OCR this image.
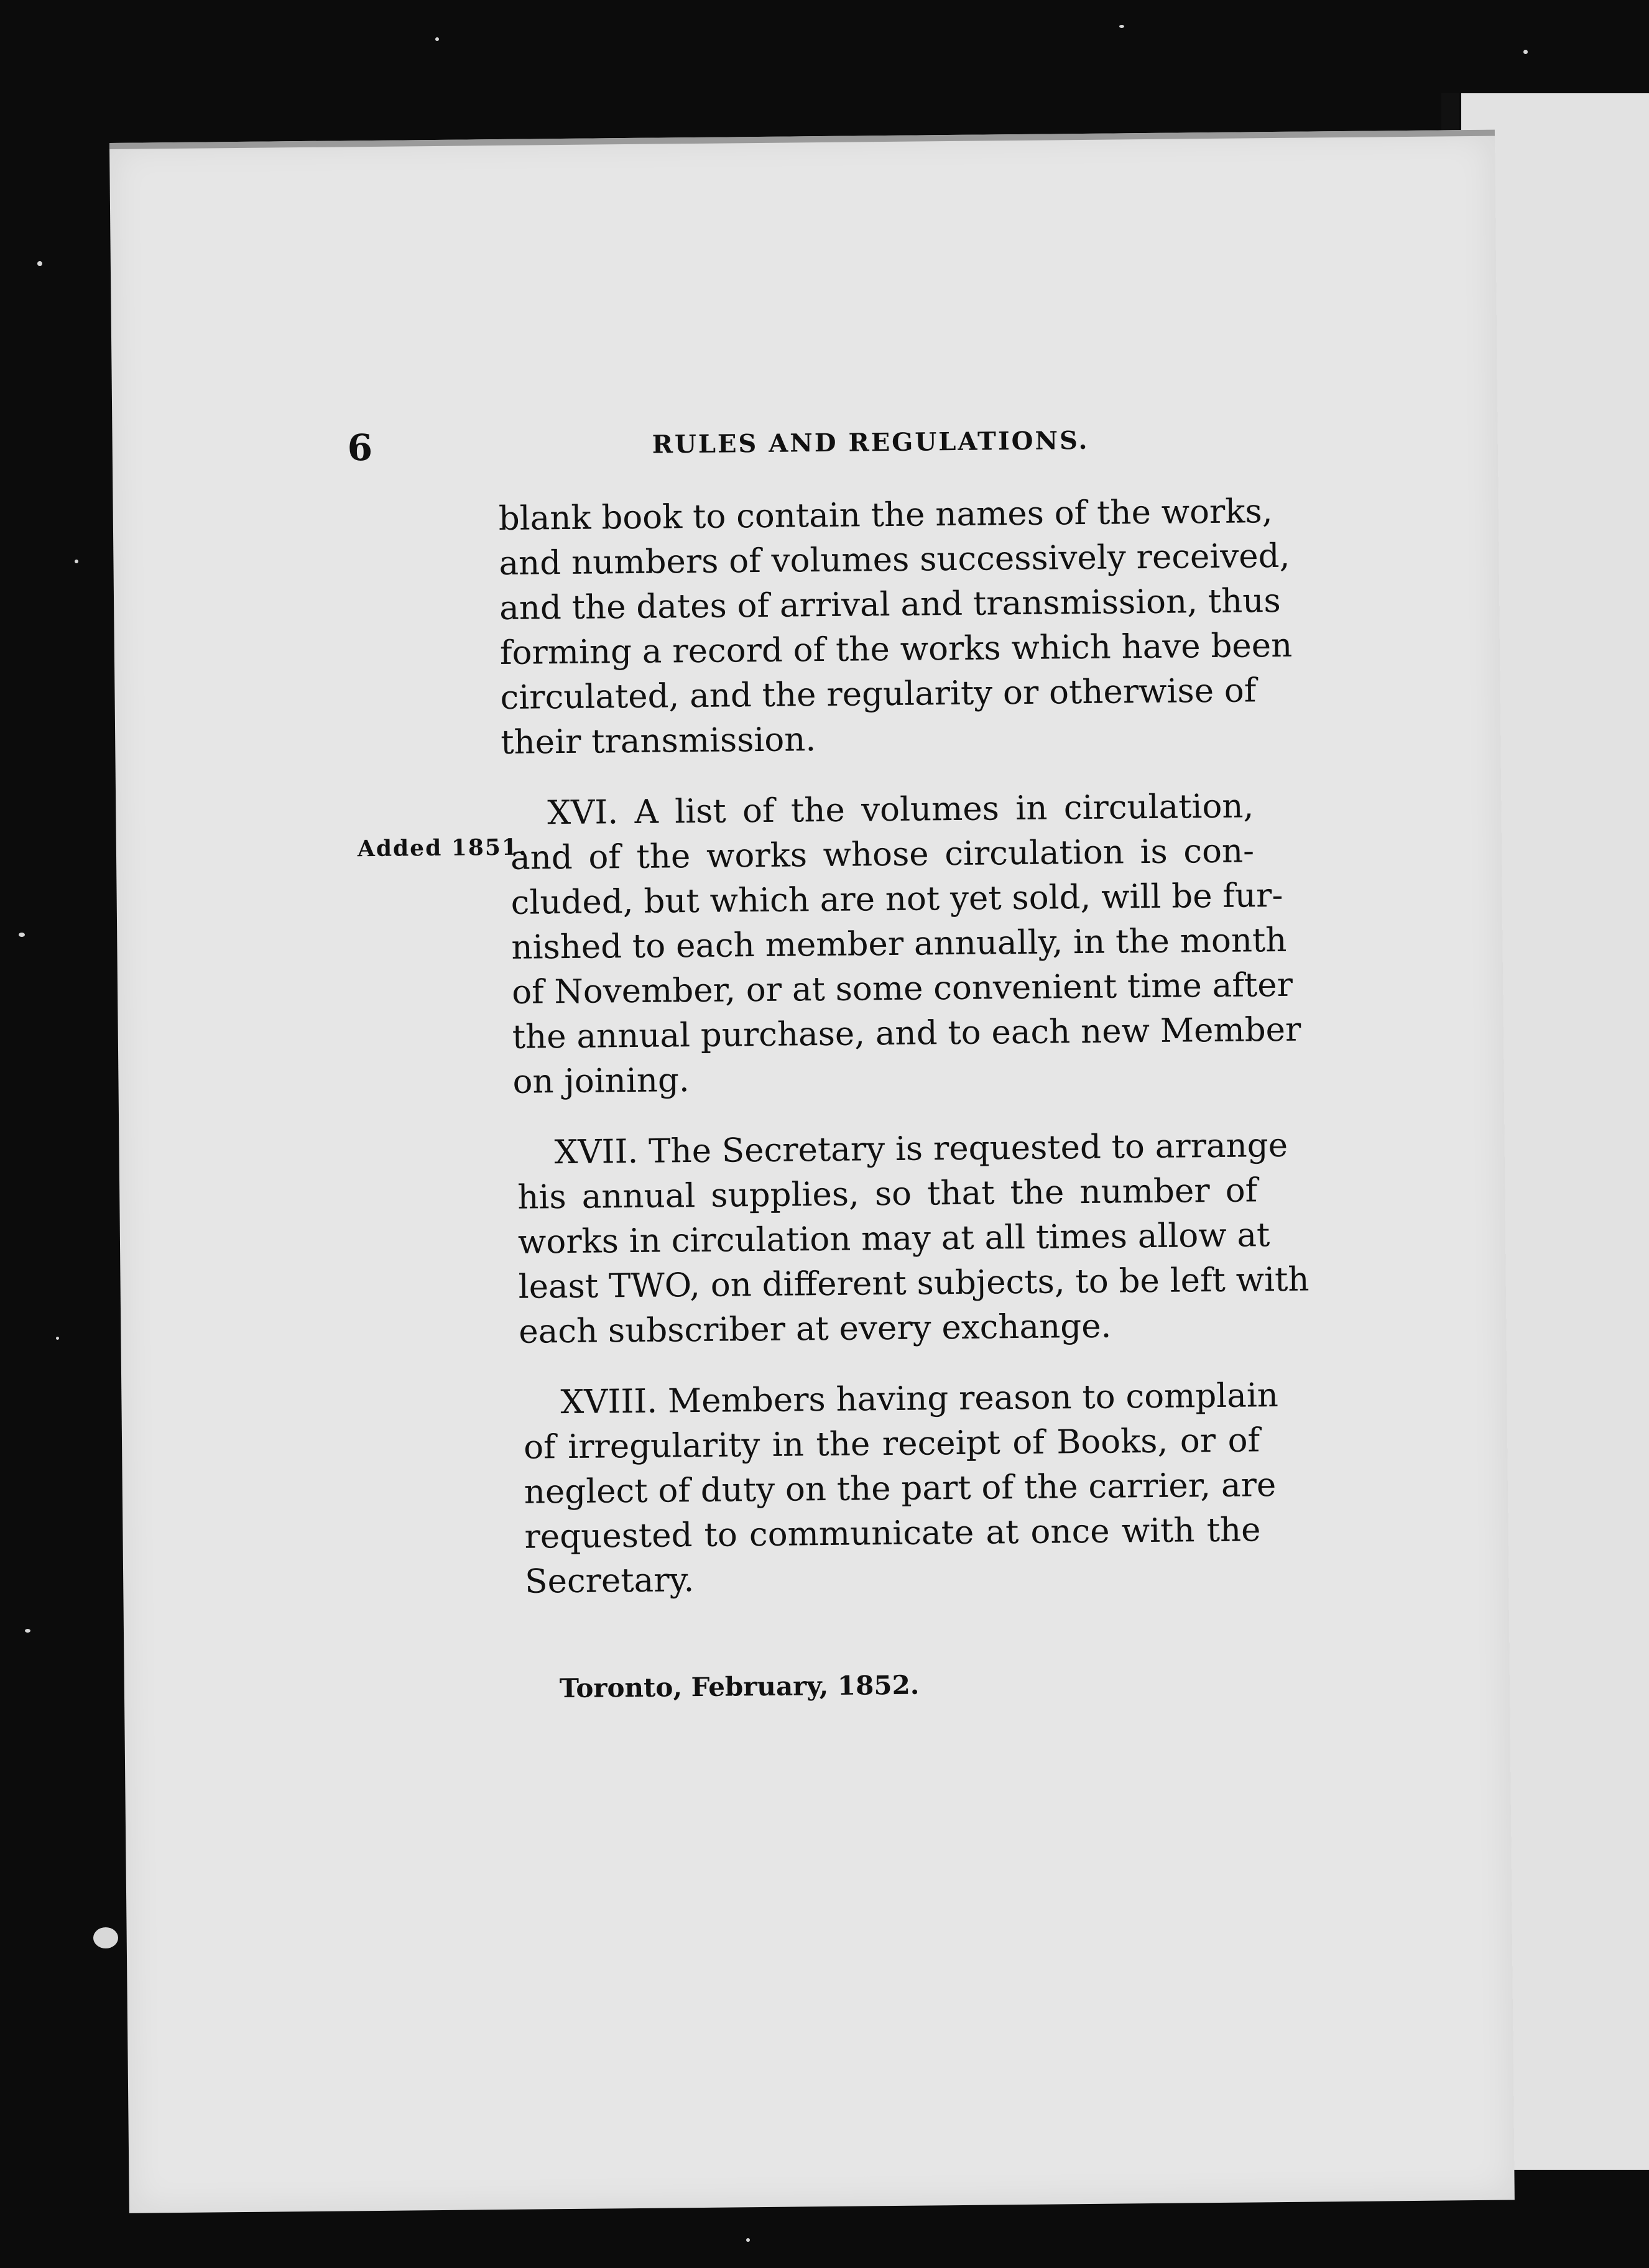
6	RULES AND REGULATIONS.
Added 1851.
blank book to contain the names of the works,
and numbers of volumes successively received,
and the dates of arrival and transmission, thus
forming a record of the works which have been
circulated, and the regularity or otherwise of
their transmission.
XVI. A list of the volumes in circulation,
and of the works whose circulation is con-
cluded, but which are not yet sold, will be fur-
nished to each member annually, in the month
of November, or at some convenient time after
the annual purchase, and to each new Member
on joining.
XVII. The Secretary is requested to arrange
his annual supplies, so that the number of
works in circulation may at all times allow at
least TWO, on different subjects, to be left with
each subscriber at every exchange.
XVIII. Members having reason to complain
of irregularity in the receipt of Books, or of
neglect of duty on the part of the carrier, are
requested to communicate at once with the
Secretary.
Toronto, February, 1852.
